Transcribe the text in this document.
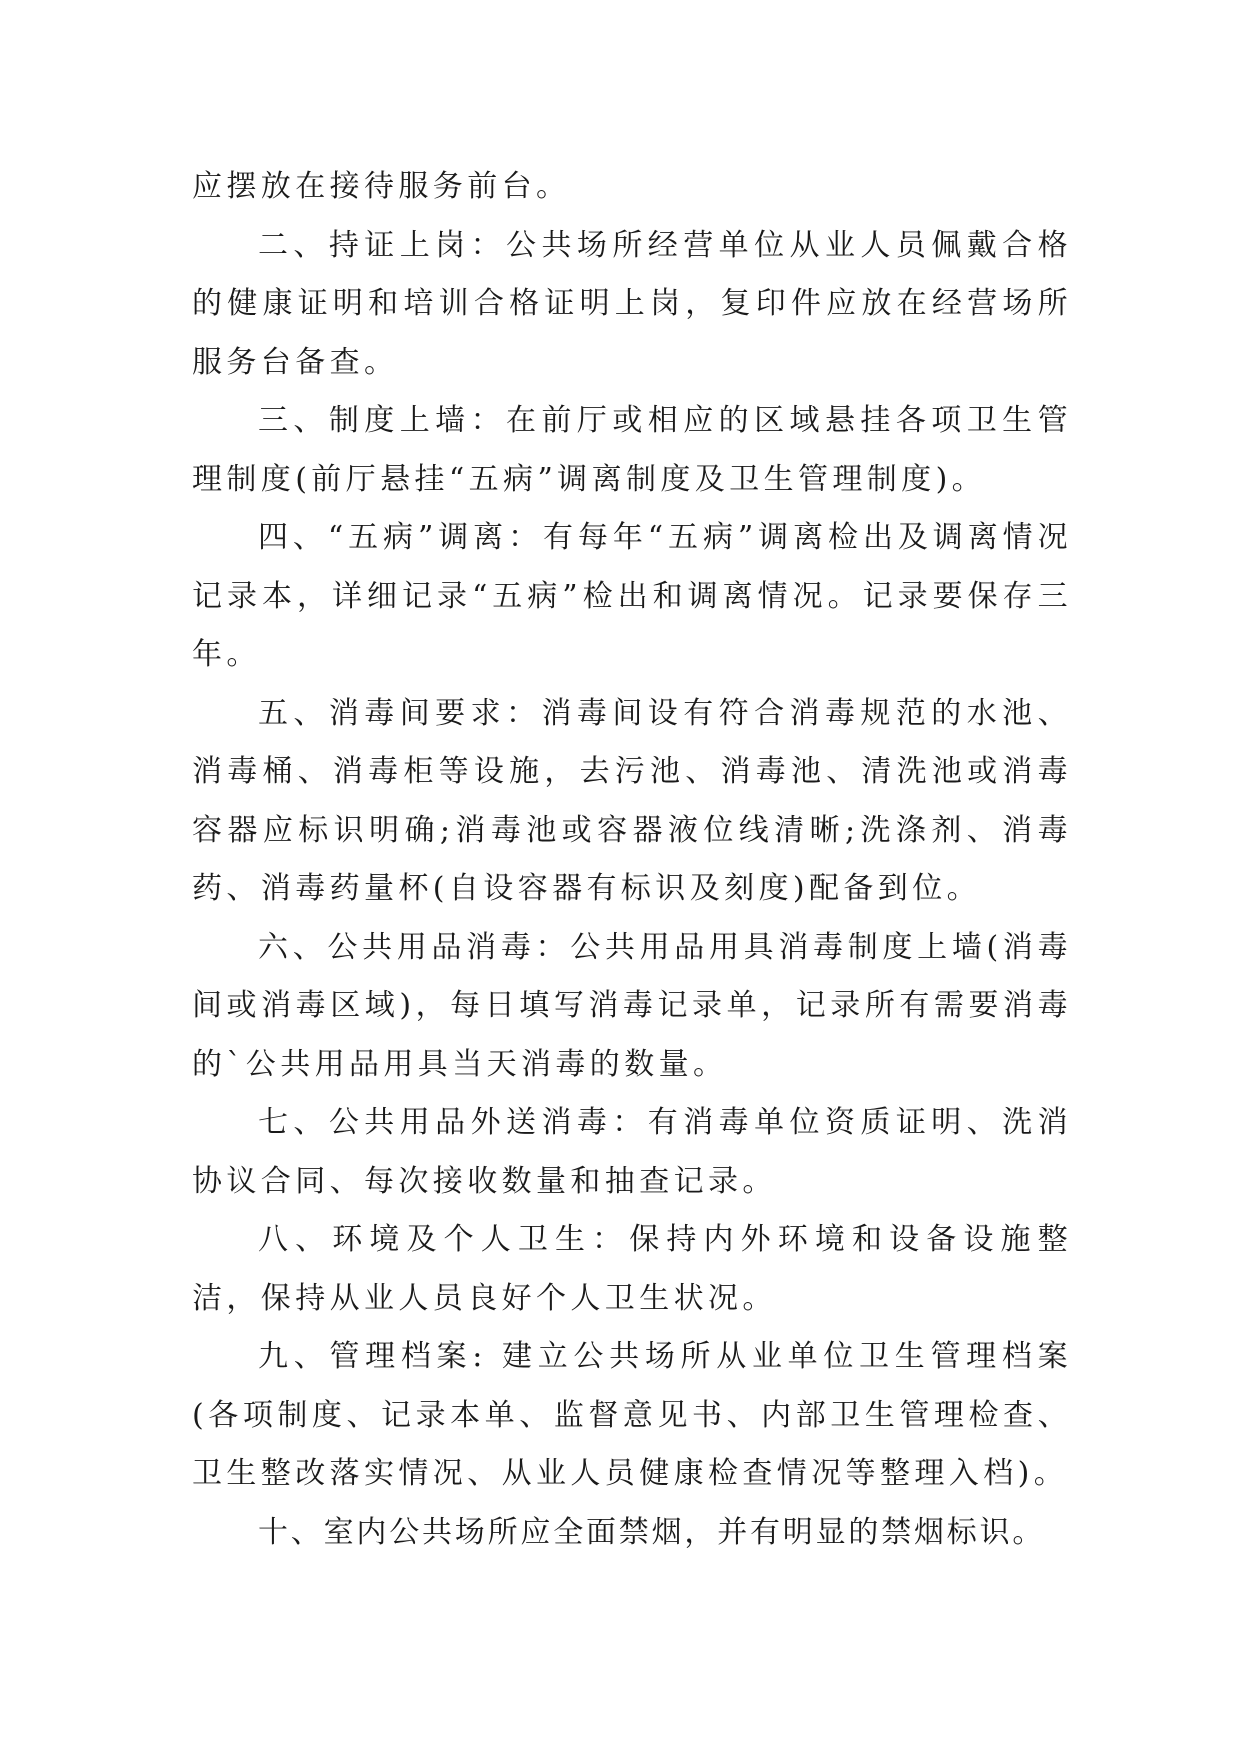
应摆放在接待服务前台。

二、持证上岗：公共场所经营单位从业人员佩戴合格的健康证明和培训合格证明上岗，复印件应放在经营场所服务台备查。

三、制度上墙：在前厅或相应的区域悬挂各项卫生管理制度(前厅悬挂“五病”调离制度及卫生管理制度)。

四、“五病”调离：有每年“五病”调离检出及调离情况记录本，详细记录“五病”检出和调离情况。记录要保存三年。

五、消毒间要求：消毒间设有符合消毒规范的水池、消毒桶、消毒柜等设施，去污池、消毒池、清洗池或消毒容器应标识明确;消毒池或容器液位线清晰;洗涤剂、消毒药、消毒药量杯(自设容器有标识及刻度)配备到位。

六、公共用品消毒：公共用品用具消毒制度上墙(消毒间或消毒区域)，每日填写消毒记录单，记录所有需要消毒的`公共用品用具当天消毒的数量。

七、公共用品外送消毒：有消毒单位资质证明、洗消协议合同、每次接收数量和抽查记录。

八、环境及个人卫生：保持内外环境和设备设施整洁，保持从业人员良好个人卫生状况。

九、管理档案: 建立公共场所从业单位卫生管理档案(各项制度、记录本单、监督意见书、内部卫生管理检查、卫生整改落实情况、从业人员健康检查情况等整理入档)。

十、室内公共场所应全面禁烟，并有明显的禁烟标识。
